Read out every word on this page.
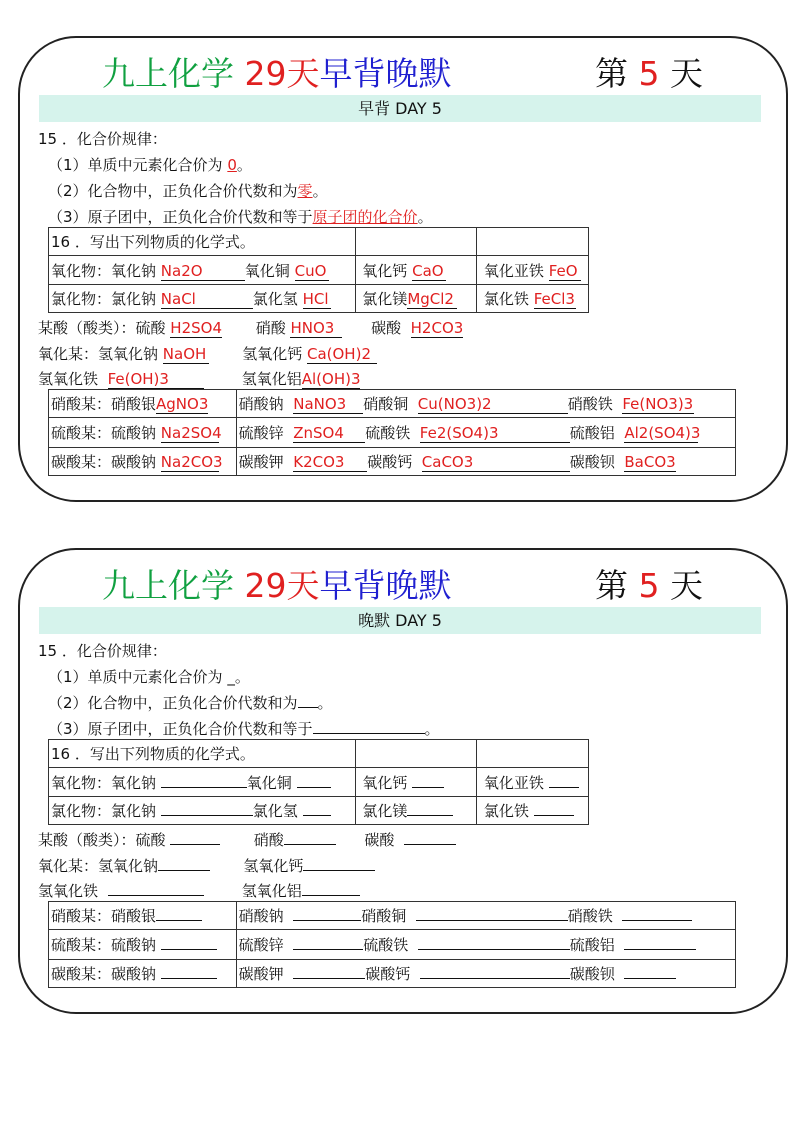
九上化学 29天早背晚默	第 5 天
早背 DAY 5
15 ．化合价规律：
（1）单质中元素化合价为 0。
（2）化合物中，正负化合价代数和为零。
（3）原子团中，正负化合价代数和等于原子团的化合价。
16 ．写出下列物质的化学式。		
氧化物：氧化钠 Na2O 氧化铜 CuO	氧化钙 CaO	氧化亚铁 FeO
氯化物：氯化钠 NaCl 氯化氢 HCl	氯化镁MgCl2	氯化铁 FeCl3
某酸（酸类）：硫酸 H2SO4 硝酸 HNO3 碳酸 H2CO3
氧化某：氢氧化钠 NaOH 氢氧化钙 Ca(OH)2
氢氧化铁 Fe(OH)3	氢氧化铝Al(OH)3
硝酸某：硝酸银AgNO3	硝酸钠 NaNO3 硝酸铜 Cu(NO3)2 硝酸铁 Fe(NO3)3
硫酸某：硫酸钠 Na2SO4	硫酸锌 ZnSO4 硫酸铁 Fe2(SO4)3 硫酸铝 Al2(SO4)3
碳酸某：碳酸钠 Na2CO3	碳酸钾 K2CO3 碳酸钙 CaCO3 碳酸钡 BaCO3
九上化学 29天早背晚默	第 5 天
晚默 DAY 5
15 ．化合价规律：
（1）单质中元素化合价为 _。
（2）化合物中，正负化合价代数和为 。
（3）原子团中，正负化合价代数和等于	。
16 ．写出下列物质的化学式。		
氧化物：氧化钠 氧化铜	氧化钙	氧化亚铁
氯化物：氯化钠 氯化氢	氯化镁	氯化铁
某酸（酸类）：硫酸	硝酸	碳酸
氧化某：氢氧化钠	氢氧化钙
氢氧化铁	氢氧化铝
硝酸某：硝酸银	硝酸钠 硝酸铜 硝酸铁
硫酸某：硫酸钠	硫酸锌 硫酸铁 硫酸铝
碳酸某：碳酸钠	碳酸钾 碳酸钙 碳酸钡
